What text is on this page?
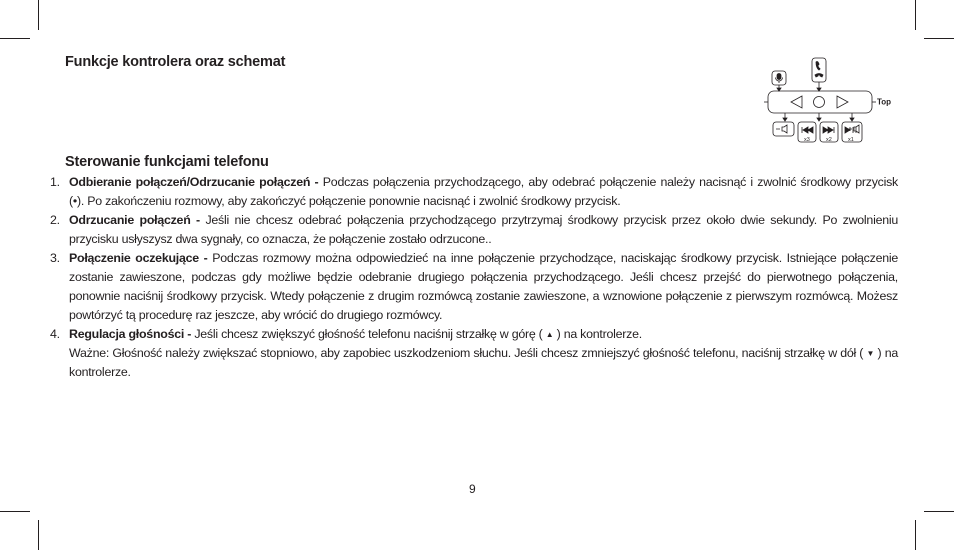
Funkcje kontrolera oraz schemat
Top
x3	x2	x1
Sterowanie funkcjami telefonu
1. Odbieranie połączeń/Odrzucanie połączeń - Podczas połączenia przychodzącego, aby odebrać połączenie należy nacisnąć i zwolnić środkowy przycisk (•). Po zakończeniu rozmowy, aby zakończyć połączenie ponownie nacisnąć i zwolnić środkowy przycisk.
2. Odrzucanie połączeń - Jeśli nie chcesz odebrać połączenia przychodzącego przytrzymaj środkowy przycisk przez około dwie sekundy. Po zwolnieniu przycisku usłyszysz dwa sygnały, co oznacza, że połączenie zostało odrzucone..
3. Połączenie oczekujące - Podczas rozmowy można odpowiedzieć na inne połączenie przychodzące, naciskając środkowy przycisk. Istniejące połączenie zostanie zawieszone, podczas gdy możliwe będzie odebranie drugiego połączenia przychodzącego. Jeśli chcesz przejść do pierwotnego połączenia, ponownie naciśnij środkowy przycisk. Wtedy połączenie z drugim rozmówcą zostanie zawieszone, a wznowione połączenie z pierwszym rozmówcą. Możesz powtórzyć tą procedurę raz jeszcze, aby wrócić do drugiego rozmówcy.
4. Regulacja głośności - Jeśli chcesz zwiększyć głośność telefonu naciśnij strzałkę w górę ( ▲ ) na kontrolerze.
Ważne: Głośność należy zwiększać stopniowo, aby zapobiec uszkodzeniom słuchu. Jeśli chcesz zmniejszyć głośność telefonu, naciśnij strzałkę w dół ( ▼ ) na kontrolerze.
9
